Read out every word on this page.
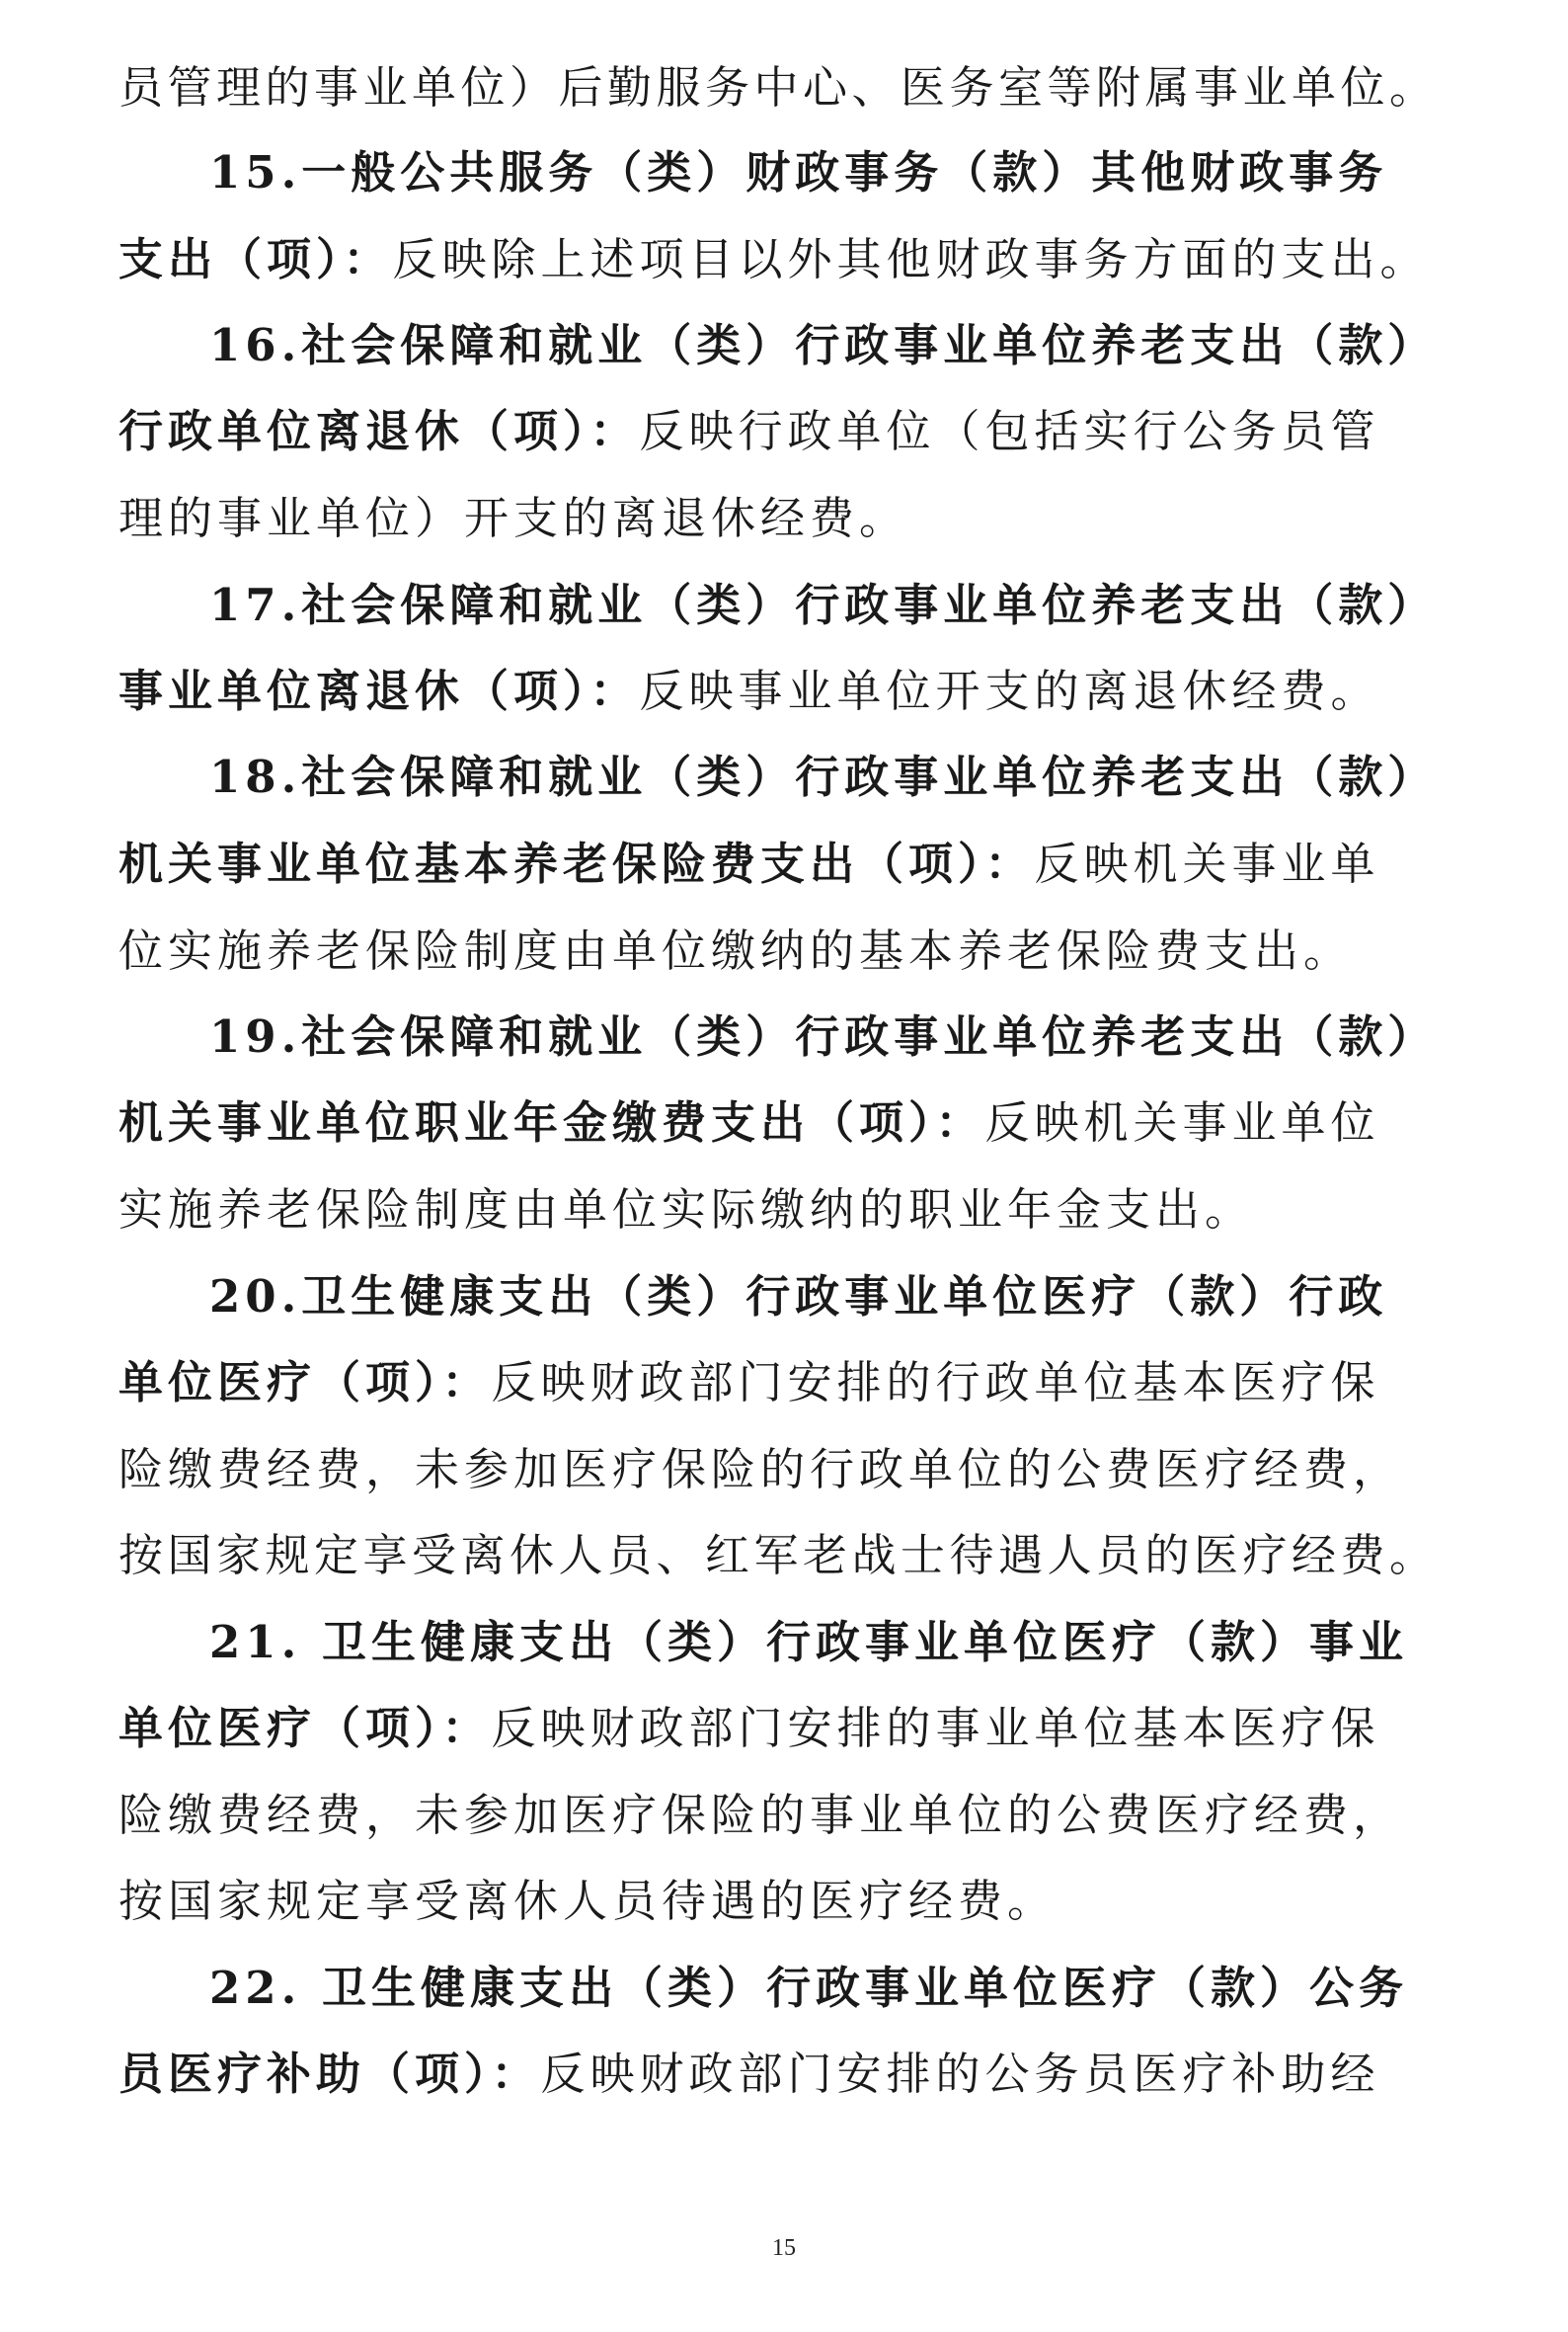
员管理的事业单位）后勤服务中心、医务室等附属事业单位。
15.一般公共服务（类）财政事务（款）其他财政事务
支出（项）：反映除上述项目以外其他财政事务方面的支出。
16.社会保障和就业（类）行政事业单位养老支出（款）
行政单位离退休（项）：反映行政单位（包括实行公务员管
理的事业单位）开支的离退休经费。
17.社会保障和就业（类）行政事业单位养老支出（款）
事业单位离退休（项）：反映事业单位开支的离退休经费。
18.社会保障和就业（类）行政事业单位养老支出（款）
机关事业单位基本养老保险费支出（项）：反映机关事业单
位实施养老保险制度由单位缴纳的基本养老保险费支出。
19.社会保障和就业（类）行政事业单位养老支出（款）
机关事业单位职业年金缴费支出（项）：反映机关事业单位
实施养老保险制度由单位实际缴纳的职业年金支出。
20.卫生健康支出（类）行政事业单位医疗（款）行政
单位医疗（项）：反映财政部门安排的行政单位基本医疗保
险缴费经费，未参加医疗保险的行政单位的公费医疗经费，
按国家规定享受离休人员、红军老战士待遇人员的医疗经费。
21. 卫生健康支出（类）行政事业单位医疗（款）事业
单位医疗（项）：反映财政部门安排的事业单位基本医疗保
险缴费经费，未参加医疗保险的事业单位的公费医疗经费，
按国家规定享受离休人员待遇的医疗经费。
22. 卫生健康支出（类）行政事业单位医疗（款）公务
员医疗补助（项）：反映财政部门安排的公务员医疗补助经
15
